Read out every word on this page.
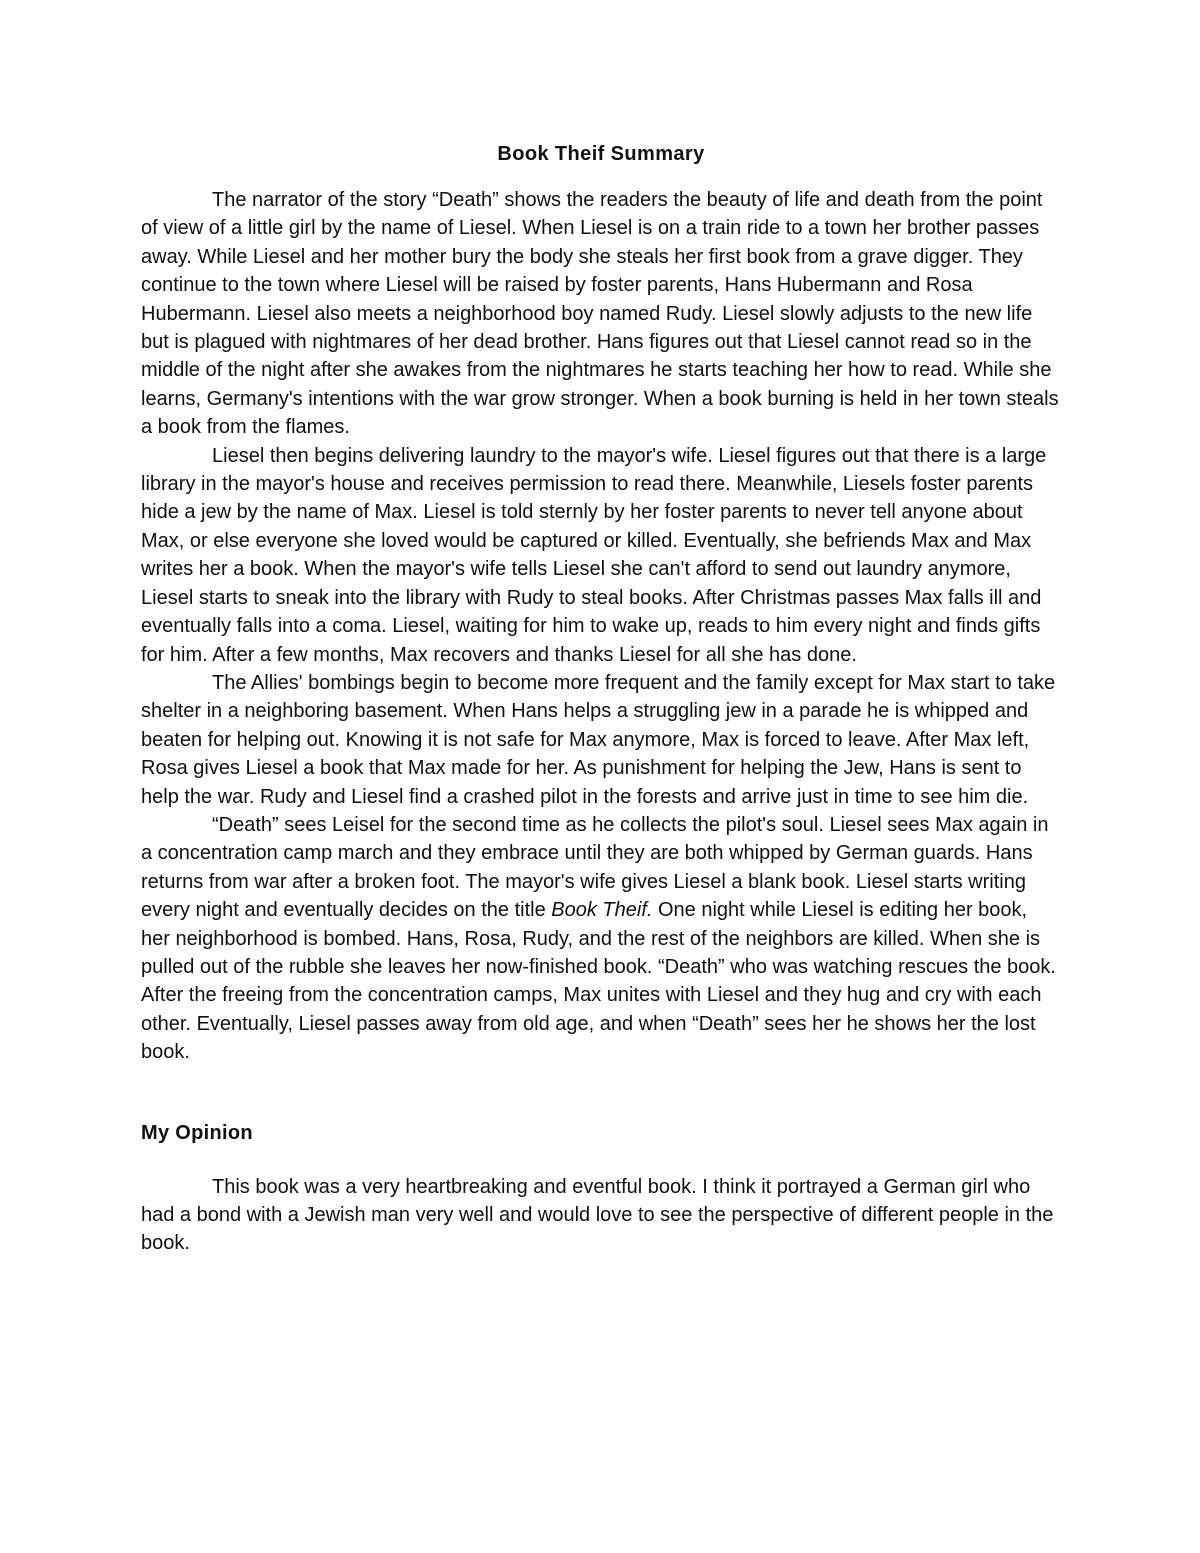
Book Theif Summary

The narrator of the story “Death” shows the readers the beauty of life and death from the point of view of a little girl by the name of Liesel. When Liesel is on a train ride to a town her brother passes away. While Liesel and her mother bury the body she steals her first book from a grave digger. They continue to the town where Liesel will be raised by foster parents, Hans Hubermann and Rosa Hubermann. Liesel also meets a neighborhood boy named Rudy. Liesel slowly adjusts to the new life but is plagued with nightmares of her dead brother. Hans figures out that Liesel cannot read so in the middle of the night after she awakes from the nightmares he starts teaching her how to read. While she learns, Germany's intentions with the war grow stronger. When a book burning is held in her town steals a book from the flames.

Liesel then begins delivering laundry to the mayor's wife. Liesel figures out that there is a large library in the mayor's house and receives permission to read there. Meanwhile, Liesels foster parents hide a jew by the name of Max. Liesel is told sternly by her foster parents to never tell anyone about Max, or else everyone she loved would be captured or killed. Eventually, she befriends Max and Max writes her a book. When the mayor's wife tells Liesel she can't afford to send out laundry anymore, Liesel starts to sneak into the library with Rudy to steal books. After Christmas passes Max falls ill and eventually falls into a coma. Liesel, waiting for him to wake up, reads to him every night and finds gifts for him. After a few months, Max recovers and thanks Liesel for all she has done.

The Allies' bombings begin to become more frequent and the family except for Max start to take shelter in a neighboring basement. When Hans helps a struggling jew in a parade he is whipped and beaten for helping out. Knowing it is not safe for Max anymore, Max is forced to leave. After Max left, Rosa gives Liesel a book that Max made for her. As punishment for helping the Jew, Hans is sent to help the war. Rudy and Liesel find a crashed pilot in the forests and arrive just in time to see him die.

“Death” sees Leisel for the second time as he collects the pilot's soul. Liesel sees Max again in a concentration camp march and they embrace until they are both whipped by German guards. Hans returns from war after a broken foot. The mayor's wife gives Liesel a blank book. Liesel starts writing every night and eventually decides on the title Book Theif. One night while Liesel is editing her book, her neighborhood is bombed. Hans, Rosa, Rudy, and the rest of the neighbors are killed. When she is pulled out of the rubble she leaves her now-finished book. “Death” who was watching rescues the book. After the freeing from the concentration camps, Max unites with Liesel and they hug and cry with each other. Eventually, Liesel passes away from old age, and when “Death” sees her he shows her the lost book.

My Opinion

This book was a very heartbreaking and eventful book. I think it portrayed a German girl who had a bond with a Jewish man very well and would love to see the perspective of different people in the book.
